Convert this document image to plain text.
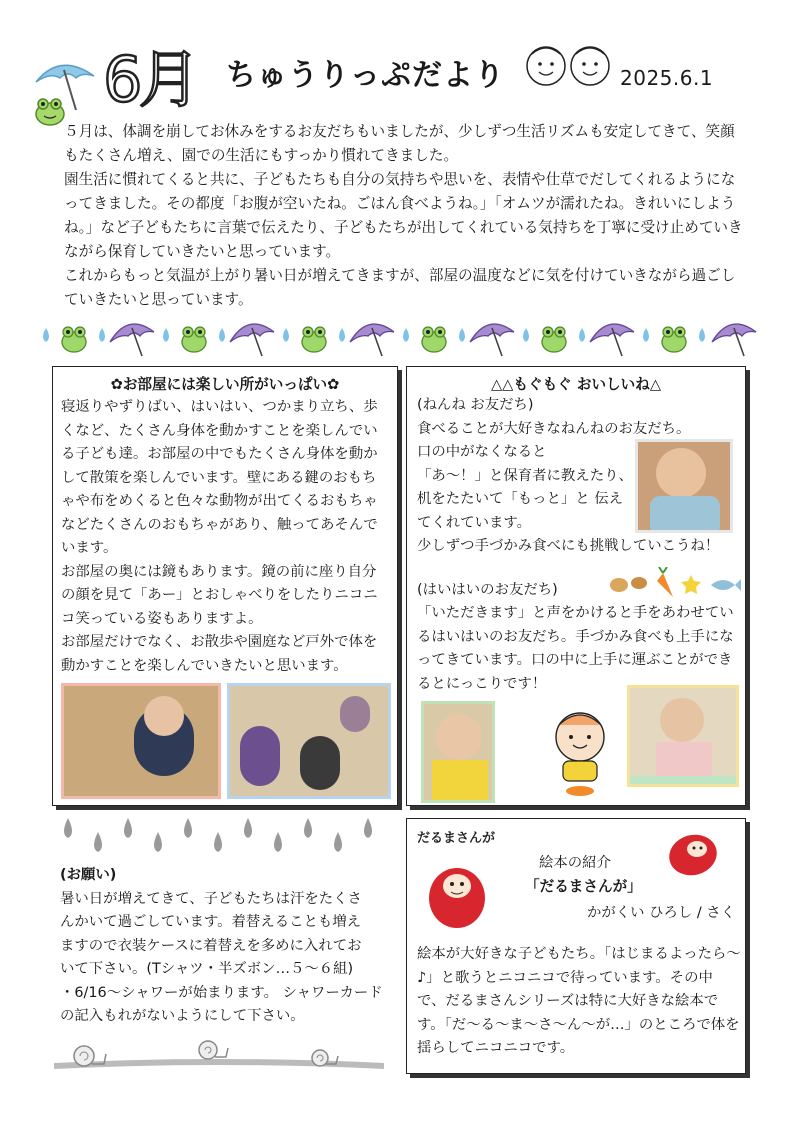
6月 ちゅうりっぷだより	2025.6.1

５月は、体調を崩してお休みをするお友だちもいましたが、少しずつ生活リズムも安定してきて、笑顔もたくさん増え、園での生活にもすっかり慣れてきました。

園生活に慣れてくると共に、子どもたちも自分の気持ちや思いを、表情や仕草でだしてくれるようになってきました。その都度「お腹が空いたね。ごはん食べようね。」「オムツが濡れたね。きれいにしようね。」など子どもたちに言葉で伝えたり、子どもたちが出してくれている気持ちを丁寧に受け止めていきながら保育していきたいと思っています。

これからもっと気温が上がり暑い日が増えてきますが、部屋の温度などに気を付けていきながら過ごしていきたいと思っています。

✿お部屋には楽しい所がいっぱい✿
寝返りやずりばい、はいはい、つかまり立ち、歩くなど、たくさん身体を動かすことを楽しんでいる子ども達。お部屋の中でもたくさん身体を動かして散策を楽しんでいます。壁にある鍵のおもちゃや布をめくると色々な動物が出てくるおもちゃなどたくさんのおもちゃがあり、触ってあそんでいます。
お部屋の奥には鏡もあります。鏡の前に座り自分の顔を見て「あー」とおしゃべりをしたりニコニコ笑っている姿もありますよ。
お部屋だけでなく、お散歩や園庭など戸外で体を動かすことを楽しんでいきたいと思います。
△△もぐもぐ おいしいね△
(ねんね お友だち)
食べることが大好きなねんねのお友だち。
口の中がなくなると
「あ～！」と保育者に教えたり、
机をたたいて「もっと」と 伝え
てくれています。
少しずつ手づかみ食べにも挑戦していこうね！
(はいはいのお友だち)
「いただきます」と声をかけると手をあわせているはいはいのお友だち。手づかみ食べも上手になってきています。口の中に上手に運ぶことができるとにっこりです！
(お願い)
暑い日が増えてきて、子どもたちは汗をたくさ
んかいて過ごしています。着替えることも増え
ますので衣装ケースに着替えを多めに入れてお
いて下さい。(Tシャツ・半ズボン…５～６組)
・6/16～シャワーが始まります。 シャワーカード
の記入もれがないようにして下さい。
だるまさんが
絵本の紹介
「だるまさんが」
かがくい ひろし / さく
絵本が大好きな子どもたち。「はじまるよったら～♪」と歌うとニコニコで待っています。その中で、だるまさんシリーズは特に大好きな絵本です。「だ～る～ま～さ～ん～が…」のところで体を揺らしてニコニコです。
